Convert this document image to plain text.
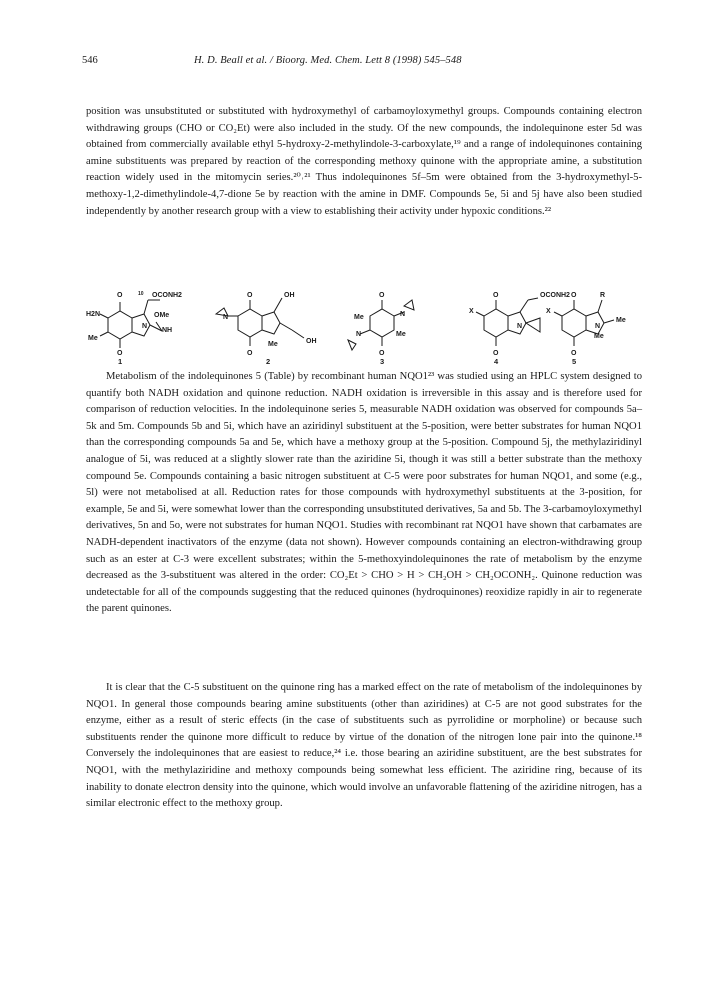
546	H. D. Beall et al. / Bioorg. Med. Chem. Lett 8 (1998) 545–548

position was unsubstituted or substituted with hydroxymethyl of carbamoyloxymethyl groups. Compounds containing electron withdrawing groups (CHO or CO₂Et) were also included in the study. Of the new compounds, the indolequinone ester 5d was obtained from commercially available ethyl 5-hydroxy-2-methylindole-3-carboxylate,¹⁹ and a range of indolequinones containing amine substituents was prepared by reaction of the corresponding methoxy quinone with the appropriate amine, a substitution reaction widely used in the mitomycin series.²⁰˒²¹ Thus indolequinones 5f–5m were obtained from the 3-hydroxymethyl-5-methoxy-1,2-dimethylindole-4,7-dione 5e by reaction with the amine in DMF. Compounds 5e, 5i and 5j have also been studied independently by another research group with a view to establishing their activity under hypoxic conditions.²²

O	10 OCONH2
H2N	OMe
Me
NH
N
O
O	OH
N
Me	OH
O
O
Me	N
N	Me
O
O	OCONH2
X
N
O
O	R
X
Me
N
Me
O
1	2	3	4	5

Metabolism of the indolequinones 5 (Table) by recombinant human NQO1²³ was studied using an HPLC system designed to quantify both NADH oxidation and quinone reduction. NADH oxidation is irreversible in this assay and is therefore used for comparison of reduction velocities. In the indolequinone series 5, measurable NADH oxidation was observed for compounds 5a–5k and 5m. Compounds 5b and 5i, which have an aziridinyl substituent at the 5-position, were better substrates for human NQO1 than the corresponding compounds 5a and 5e, which have a methoxy group at the 5-position. Compound 5j, the methylaziridinyl analogue of 5i, was reduced at a slightly slower rate than the aziridine 5i, though it was still a better substrate than the methoxy compound 5e. Compounds containing a basic nitrogen substituent at C-5 were poor substrates for human NQO1, and some (e.g., 5l) were not metabolised at all. Reduction rates for those compounds with hydroxymethyl substituents at the 3-position, for example, 5e and 5i, were somewhat lower than the corresponding unsubstituted derivatives, 5a and 5b. The 3-carbamoyloxymethyl derivatives, 5n and 5o, were not substrates for human NQO1. Studies with recombinant rat NQO1 have shown that carbamates are NADH-dependent inactivators of the enzyme (data not shown). However compounds containing an electron-withdrawing group such as an ester at C-3 were excellent substrates; within the 5-methoxyindolequinones the rate of metabolism by the enzyme decreased as the 3-substituent was altered in the order: CO₂Et > CHO > H > CH₂OH > CH₂OCONH₂. Quinone reduction was undetectable for all of the compounds suggesting that the reduced quinones (hydroquinones) reoxidize rapidly in air to regenerate the parent quinones.

It is clear that the C-5 substituent on the quinone ring has a marked effect on the rate of metabolism of the indolequinones by NQO1. In general those compounds bearing amine substituents (other than aziridines) at C-5 are not good substrates for the enzyme, either as a result of steric effects (in the case of substituents such as pyrrolidine or morpholine) or because such substituents render the quinone more difficult to reduce by virtue of the donation of the nitrogen lone pair into the quinone.¹⁸ Conversely the indolequinones that are easiest to reduce,²⁴ i.e. those bearing an aziridine substituent, are the best substrates for NQO1, with the methylaziridine and methoxy compounds being somewhat less efficient. The aziridine ring, because of its inability to donate electron density into the quinone, which would involve an unfavorable flattening of the aziridine nitrogen, has a similar electronic effect to the methoxy group.
